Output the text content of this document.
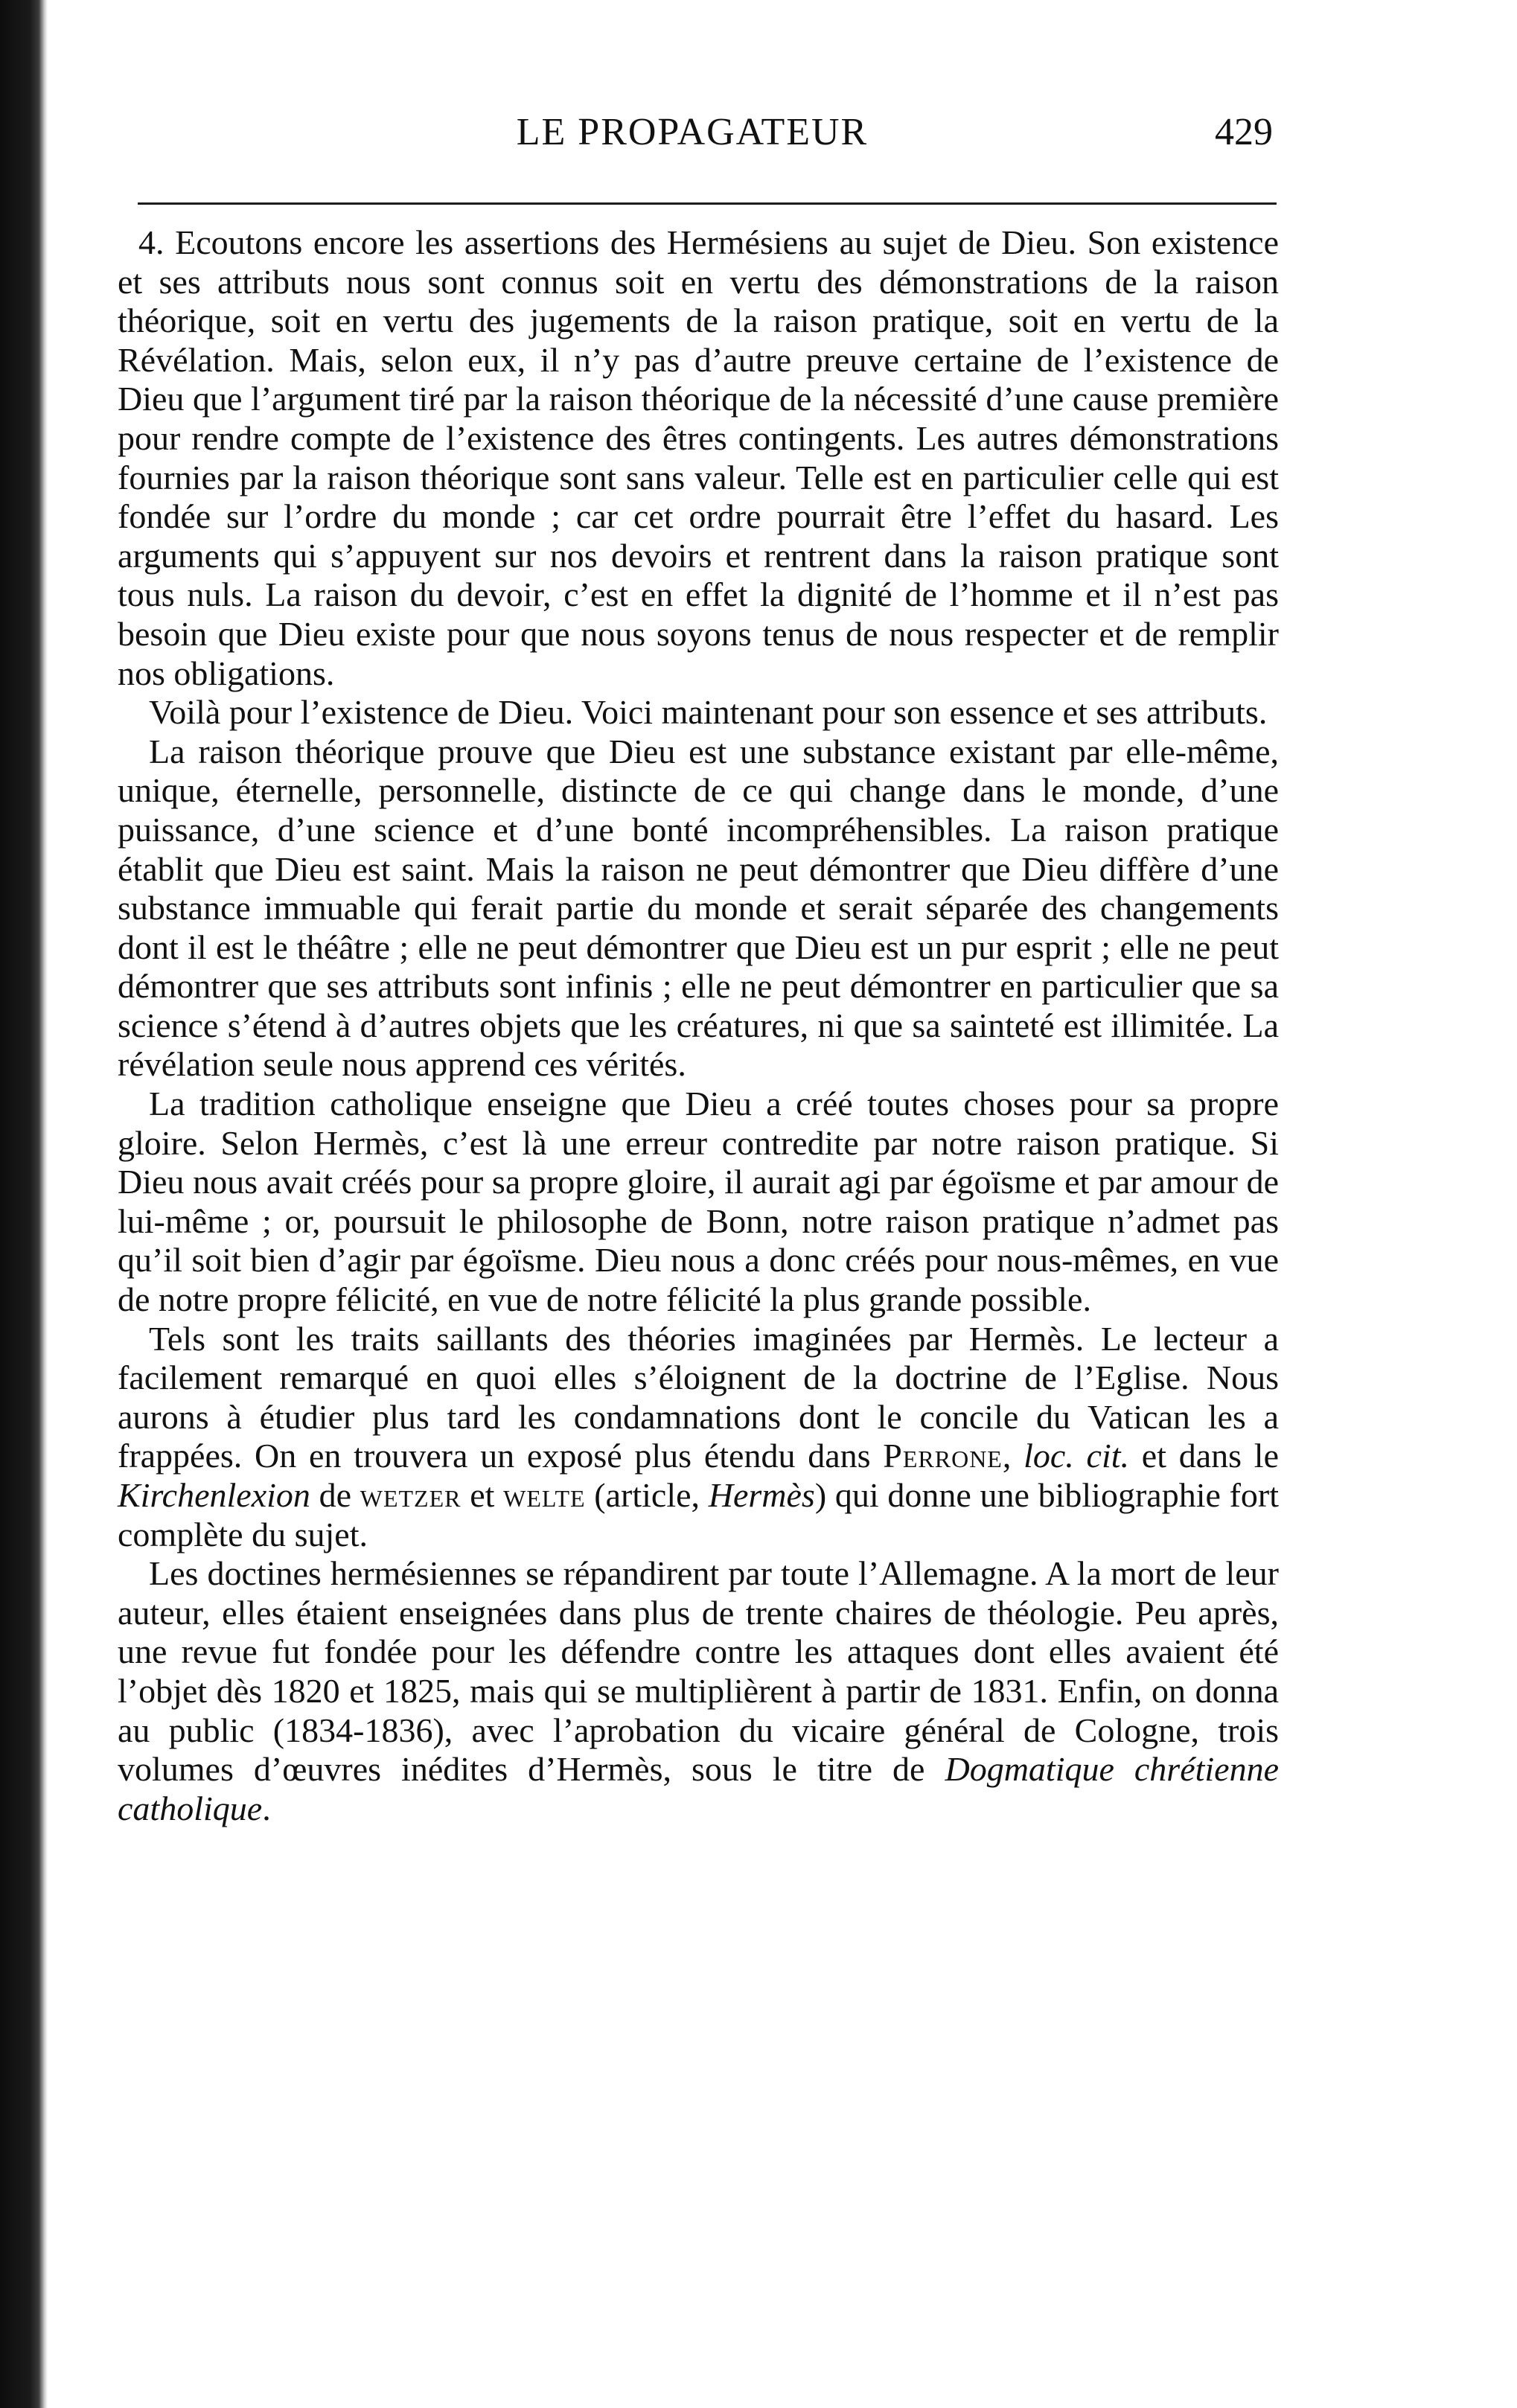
LE PROPAGATEUR	429

4. Ecoutons encore les assertions des Hermésiens au sujet de Dieu. Son existence et ses attributs nous sont connus soit en vertu des démonstrations de la raison théorique, soit en vertu des jugements de la raison pratique, soit en vertu de la Révélation. Mais, selon eux, il n’y pas d’autre preuve certaine de l’existence de Dieu que l’argument tiré par la raison théorique de la nécessité d’une cause première pour rendre compte de l’existence des êtres contingents. Les autres démonstrations fournies par la raison théorique sont sans valeur. Telle est en particulier celle qui est fondée sur l’ordre du monde ; car cet ordre pourrait être l’effet du hasard. Les arguments qui s’appuyent sur nos devoirs et rentrent dans la raison pratique sont tous nuls. La raison du devoir, c’est en effet la dignité de l’homme et il n’est pas besoin que Dieu existe pour que nous soyons tenus de nous respecter et de remplir nos obligations.

Voilà pour l’existence de Dieu. Voici maintenant pour son essence et ses attributs.

La raison théorique prouve que Dieu est une substance existant par elle-même, unique, éternelle, personnelle, distincte de ce qui change dans le monde, d’une puissance, d’une science et d’une bonté incompréhensibles. La raison pratique établit que Dieu est saint. Mais la raison ne peut démontrer que Dieu diffère d’une substance immuable qui ferait partie du monde et serait séparée des changements dont il est le théâtre ; elle ne peut démontrer que Dieu est un pur esprit ; elle ne peut démontrer que ses attributs sont infinis ; elle ne peut démontrer en particulier que sa science s’étend à d’autres objets que les créatures, ni que sa sainteté est illimitée. La révélation seule nous apprend ces vérités.

La tradition catholique enseigne que Dieu a créé toutes choses pour sa propre gloire. Selon Hermès, c’est là une erreur contredite par notre raison pratique. Si Dieu nous avait créés pour sa propre gloire, il aurait agi par égoïsme et par amour de lui-même ; or, poursuit le philosophe de Bonn, notre raison pratique n’admet pas qu’il soit bien d’agir par égoïsme. Dieu nous a donc créés pour nous-mêmes, en vue de notre propre félicité, en vue de notre félicité la plus grande possible.

Tels sont les traits saillants des théories imaginées par Hermès. Le lecteur a facilement remarqué en quoi elles s’éloignent de la doctrine de l’Eglise. Nous aurons à étudier plus tard les condamnations dont le concile du Vatican les a frappées. On en trouvera un exposé plus étendu dans Perrone, loc. cit. et dans le Kirchenlexion de wetzer et welte (article, Hermès) qui donne une bibliographie fort complète du sujet.

Les doctines hermésiennes se répandirent par toute l’Allemagne. A la mort de leur auteur, elles étaient enseignées dans plus de trente chaires de théologie. Peu après, une revue fut fondée pour les défendre contre les attaques dont elles avaient été l’objet dès 1820 et 1825, mais qui se multiplièrent à partir de 1831. Enfin, on donna au public (1834-1836), avec l’aprobation du vicaire général de Cologne, trois volumes d’œuvres inédites d’Hermès, sous le titre de Dogmatique chrétienne catholique.
